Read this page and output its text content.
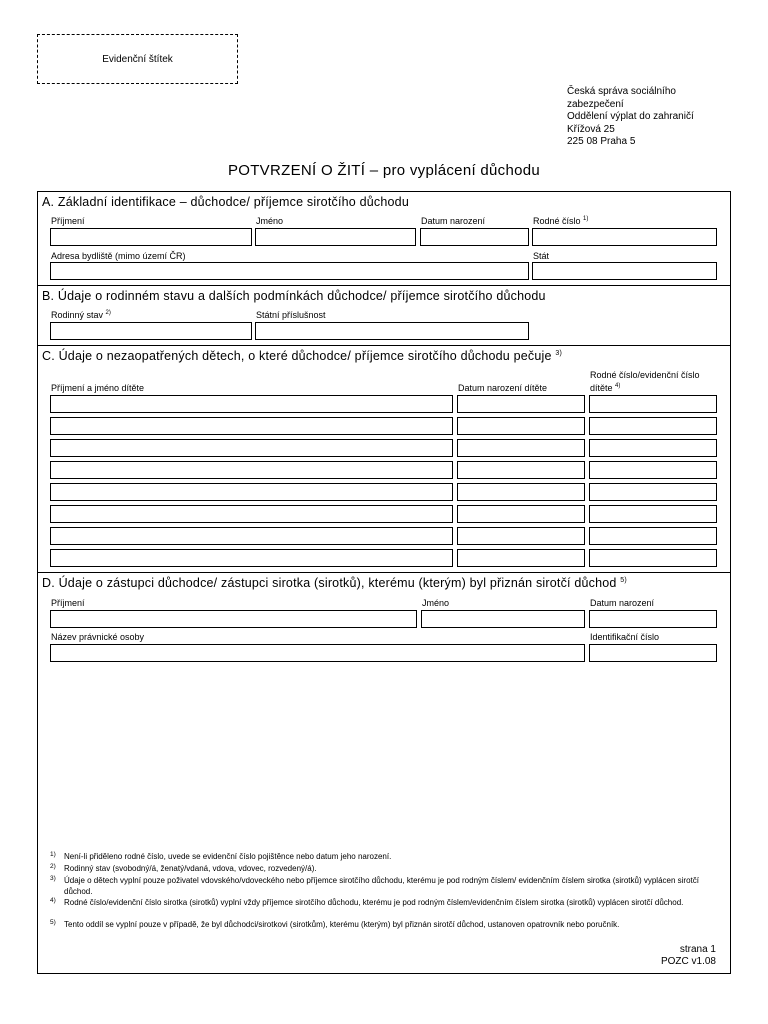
Evidenční štítek
Česká správa sociálního
zabezpečení
Oddělení výplat do zahraničí
Křížová 25
225 08 Praha 5
POTVRZENÍ O ŽITÍ – pro vyplácení důchodu
A. Základní identifikace – důchodce/ příjemce sirotčího důchodu
Příjmení	Jméno	Datum narození	Rodné číslo $^{1)}$
Adresa bydliště (mimo území ČR)	Stát
B. Údaje o rodinném stavu a dalších podmínkách důchodce/ příjemce sirotčího důchodu
Rodinný stav $^{2)}$	Státní příslušnost
C. Údaje o nezaopatřených dětech, o které důchodce/ příjemce sirotčího důchodu pečuje $^{3)}$
Příjmení a jméno dítěte	Datum narození dítěte
Rodné číslo/evidenční číslo
dítěte $^{4)}$
D. Údaje o zástupci důchodce/ zástupci sirotka (sirotků), kterému (kterým) byl přiznán sirotčí důchod $^{5)}$
Příjmení	Jméno	Datum narození
Název právnické osoby	Identifikační číslo
1) Není-li přiděleno rodné číslo, uvede se evidenční číslo pojištěnce nebo datum jeho narození.
2) Rodinný stav (svobodný/á, ženatý/vdaná, vdova, vdovec, rozvedený/á).
3) Údaje o dětech vyplní pouze poživatel vdovského/vdoveckého nebo příjemce sirotčího důchodu, kterému je pod rodným číslem/ evidenčním číslem sirotka (sirotků) vyplácen sirotčí důchod.
4) Rodné číslo/evidenční číslo sirotka (sirotků) vyplní vždy příjemce sirotčího důchodu, kterému je pod rodným číslem/evidenčním číslem sirotka (sirotků) vyplácen sirotčí důchod.
5) Tento oddíl se vyplní pouze v případě, že byl důchodci/sirotkovi (sirotkům), kterému (kterým) byl přiznán sirotčí důchod, ustanoven opatrovník nebo poručník.
strana 1
POZC v1.08
